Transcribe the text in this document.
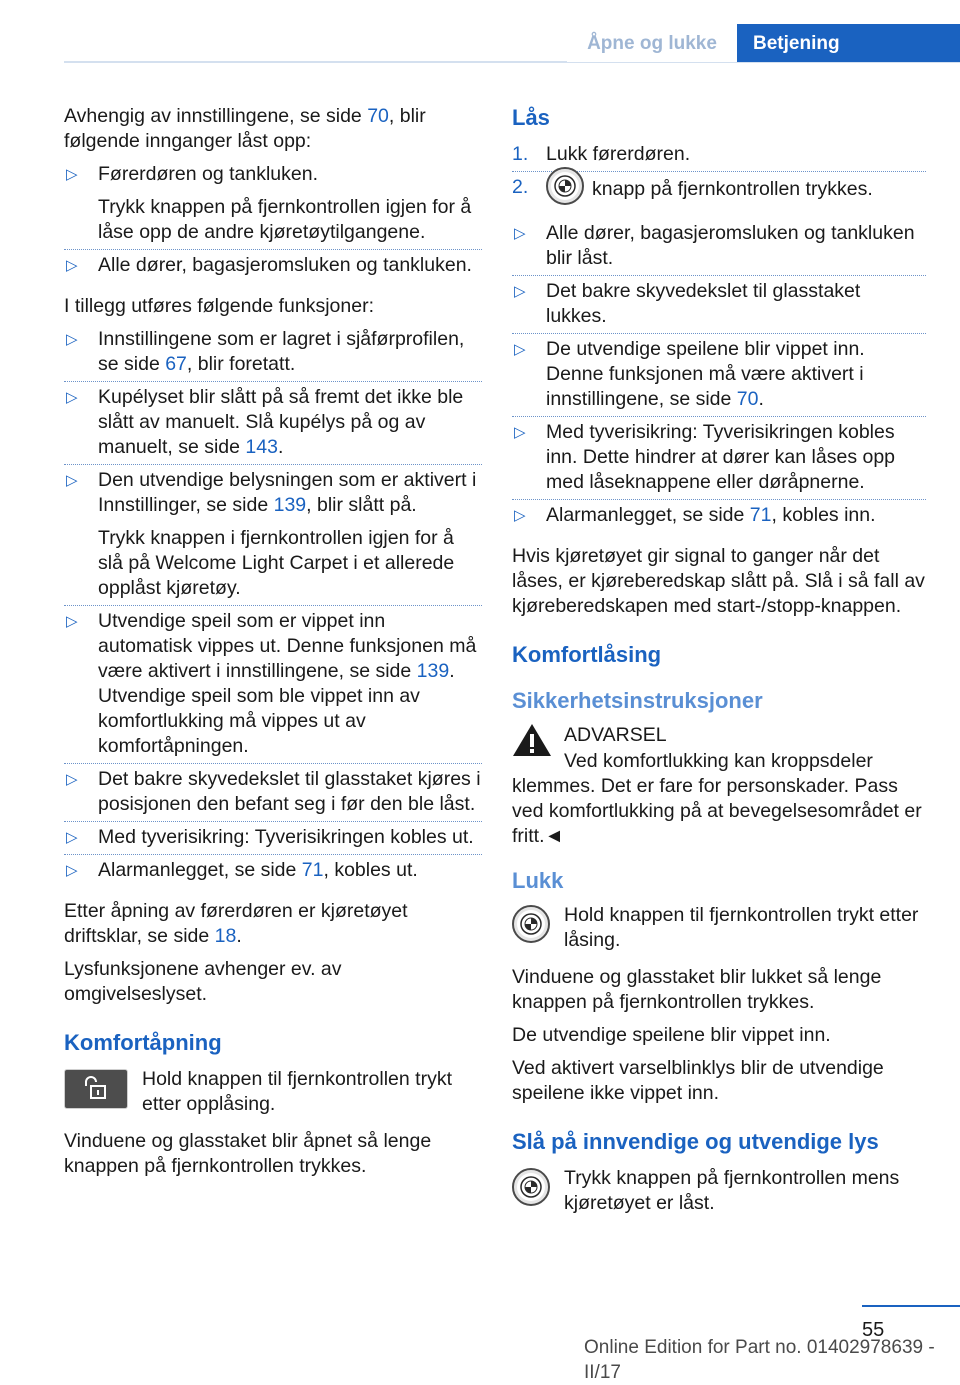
Åpne og lukke	Betjening

Avhengig av innstillingene, se side 70, blir følgende innganger låst opp:

▷ Førerdøren og tankluken.

Trykk knappen på fjernkontrollen igjen for å låse opp de andre kjøretøytilgangene.

▷ Alle dører, bagasjeromsluken og tankluken.

I tillegg utføres følgende funksjoner:

▷ Innstillingene som er lagret i sjåførprofilen, se side 67, blir foretatt.

▷ Kupélyset blir slått på så fremt det ikke ble slått av manuelt. Slå kupélys på og av manuelt, se side 143.

▷ Den utvendige belysningen som er aktivert i Innstillinger, se side 139, blir slått på.

Trykk knappen i fjernkontrollen igjen for å slå på Welcome Light Carpet i et allerede opplåst kjøretøy.

▷ Utvendige speil som er vippet inn automatisk vippes ut. Denne funksjonen må være aktivert i innstillingene, se side 139. Utvendige speil som ble vippet inn av komfortlukking må vippes ut av komfortåpningen.

▷ Det bakre skyvedekslet til glasstaket kjøres i posisjonen den befant seg i før den ble låst.

▷ Med tyverisikring: Tyverisikringen kobles ut.

▷ Alarmanlegget, se side 71, kobles ut.

Etter åpning av førerdøren er kjøretøyet driftsklar, se side 18.

Lysfunksjonene avhenger ev. av omgivelseslyset.

Komfortåpning
Hold knappen til fjernkontrollen trykt etter opplåsing.

Vinduene og glasstaket blir åpnet så lenge knappen på fjernkontrollen trykkes.

Lås
1. Lukk førerdøren.
2.	knapp på fjernkontrollen trykkes.
▷ Alle dører, bagasjeromsluken og tankluken blir låst.

▷ Det bakre skyvedekslet til glasstaket lukkes.

▷ De utvendige speilene blir vippet inn. Denne funksjonen må være aktivert i innstillingene, se side 70.

▷ Med tyverisikring: Tyverisikringen kobles inn. Dette hindrer at dører kan låses opp med låseknappene eller døråpnerne.

▷ Alarmanlegget, se side 71, kobles inn.

Hvis kjøretøyet gir signal to ganger når det låses, er kjøreberedskap slått på. Slå i så fall av kjøreberedskapen med start-/stopp-knappen.

Komfortlåsing
Sikkerhetsinstruksjoner
ADVARSEL
Ved komfortlukking kan kroppsdeler klemmes. Det er fare for personskader. Pass ved komfortlukking på at bevegelsesområdet er fritt.◄
Lukk
Hold knappen til fjernkontrollen trykt etter låsing.

Vinduene og glasstaket blir lukket så lenge knappen på fjernkontrollen trykkes.

De utvendige speilene blir vippet inn.

Ved aktivert varselblinklys blir de utvendige speilene ikke vippet inn.

Slå på innvendige og utvendige lys
Trykk knappen på fjernkontrollen mens kjøretøyet er låst.
55
Online Edition for Part no. 01402978639 - II/17
